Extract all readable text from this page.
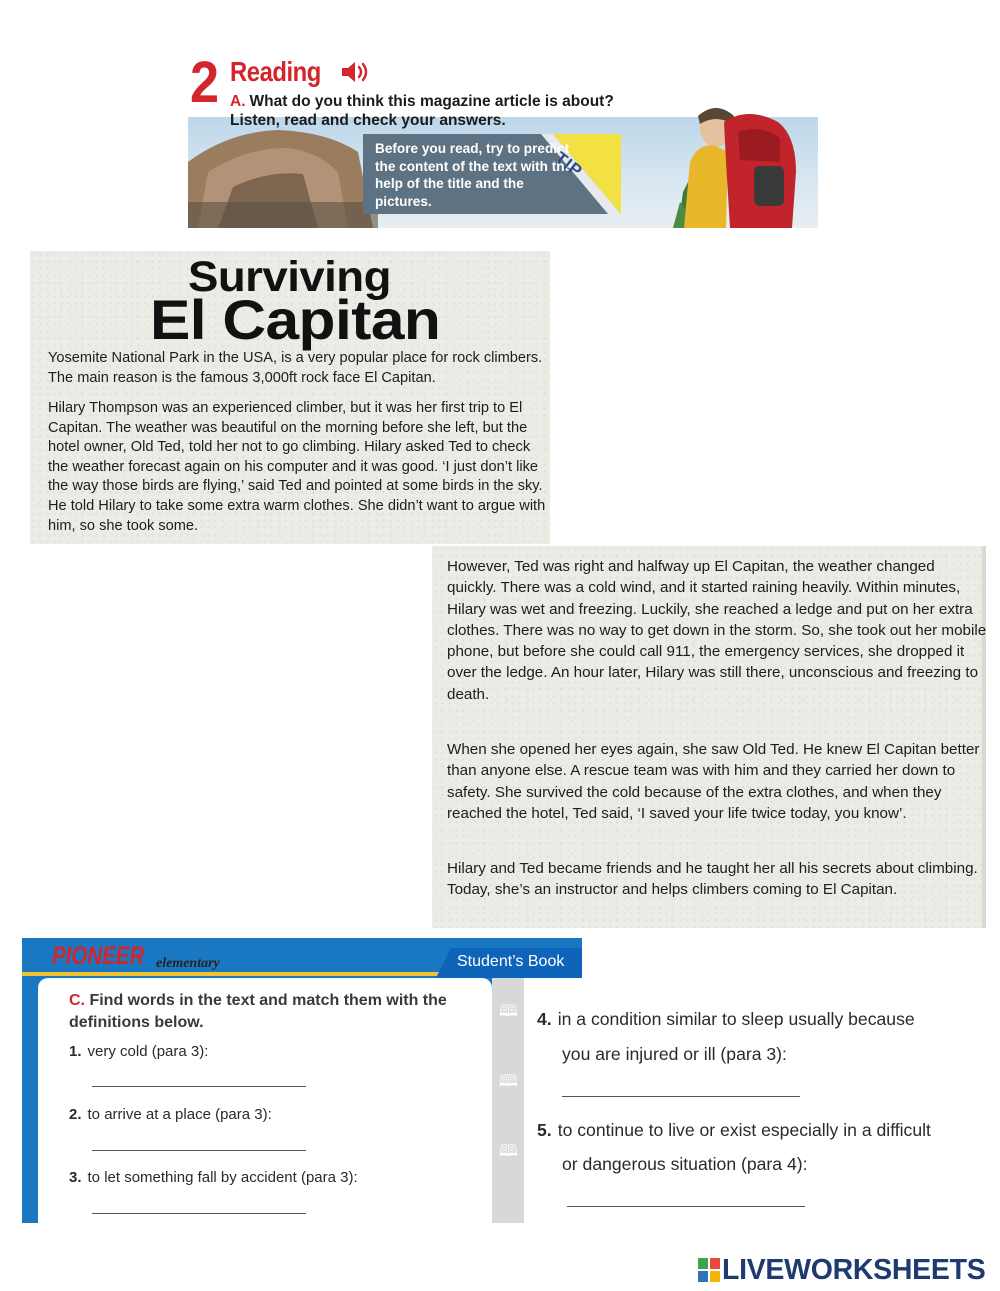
2 Reading
A. What do you think this magazine article is about?
Listen, read and check your answers.
Before you read, try to predict the content of the text with the help of the title and the pictures.
TIP
Surviving
El Capitan

Yosemite National Park in the USA, is a very popular place for rock climbers. The main reason is the famous 3,000ft rock face El Capitan.

Hilary Thompson was an experienced climber, but it was her first trip to El Capitan. The weather was beautiful on the morning before she left, but the hotel owner, Old Ted, told her not to go climbing. Hilary asked Ted to check the weather forecast again on his computer and it was good. ‘I just don’t like the way those birds are flying,’ said Ted and pointed at some birds in the sky. He told Hilary to take some extra warm clothes. She didn’t want to argue with him, so she took some.

However, Ted was right and halfway up El Capitan, the weather changed quickly. There was a cold wind, and it started raining heavily. Within minutes, Hilary was wet and freezing. Luckily, she reached a ledge and put on her extra clothes. There was no way to get down in the storm. So, she took out her mobile phone, but before she could call 911, the emergency services, she dropped it over the ledge. An hour later, Hilary was still there, unconscious and freezing to death.

When she opened her eyes again, she saw Old Ted. He knew El Capitan better than anyone else. A rescue team was with him and they carried her down to safety. She survived the cold because of the extra clothes, and when they reached the hotel, Ted said, ‘I saved your life twice today, you know’.

Hilary and Ted became friends and he taught her all his secrets about climbing. Today, she’s an instructor and helps climbers coming to El Capitan.

PIONEER elementary	Student’s Book
🕮
🕮
🕮
C. Find words in the text and match them with the definitions below.
1. very cold (para 3):
2. to arrive at a place (para 3):
3. to let something fall by accident (para 3):
4. in a condition similar to sleep usually because
you are injured or ill (para 3):
5. to continue to live or exist especially in a difficult
or dangerous situation (para 4):
LIVEWORKSHEETS
